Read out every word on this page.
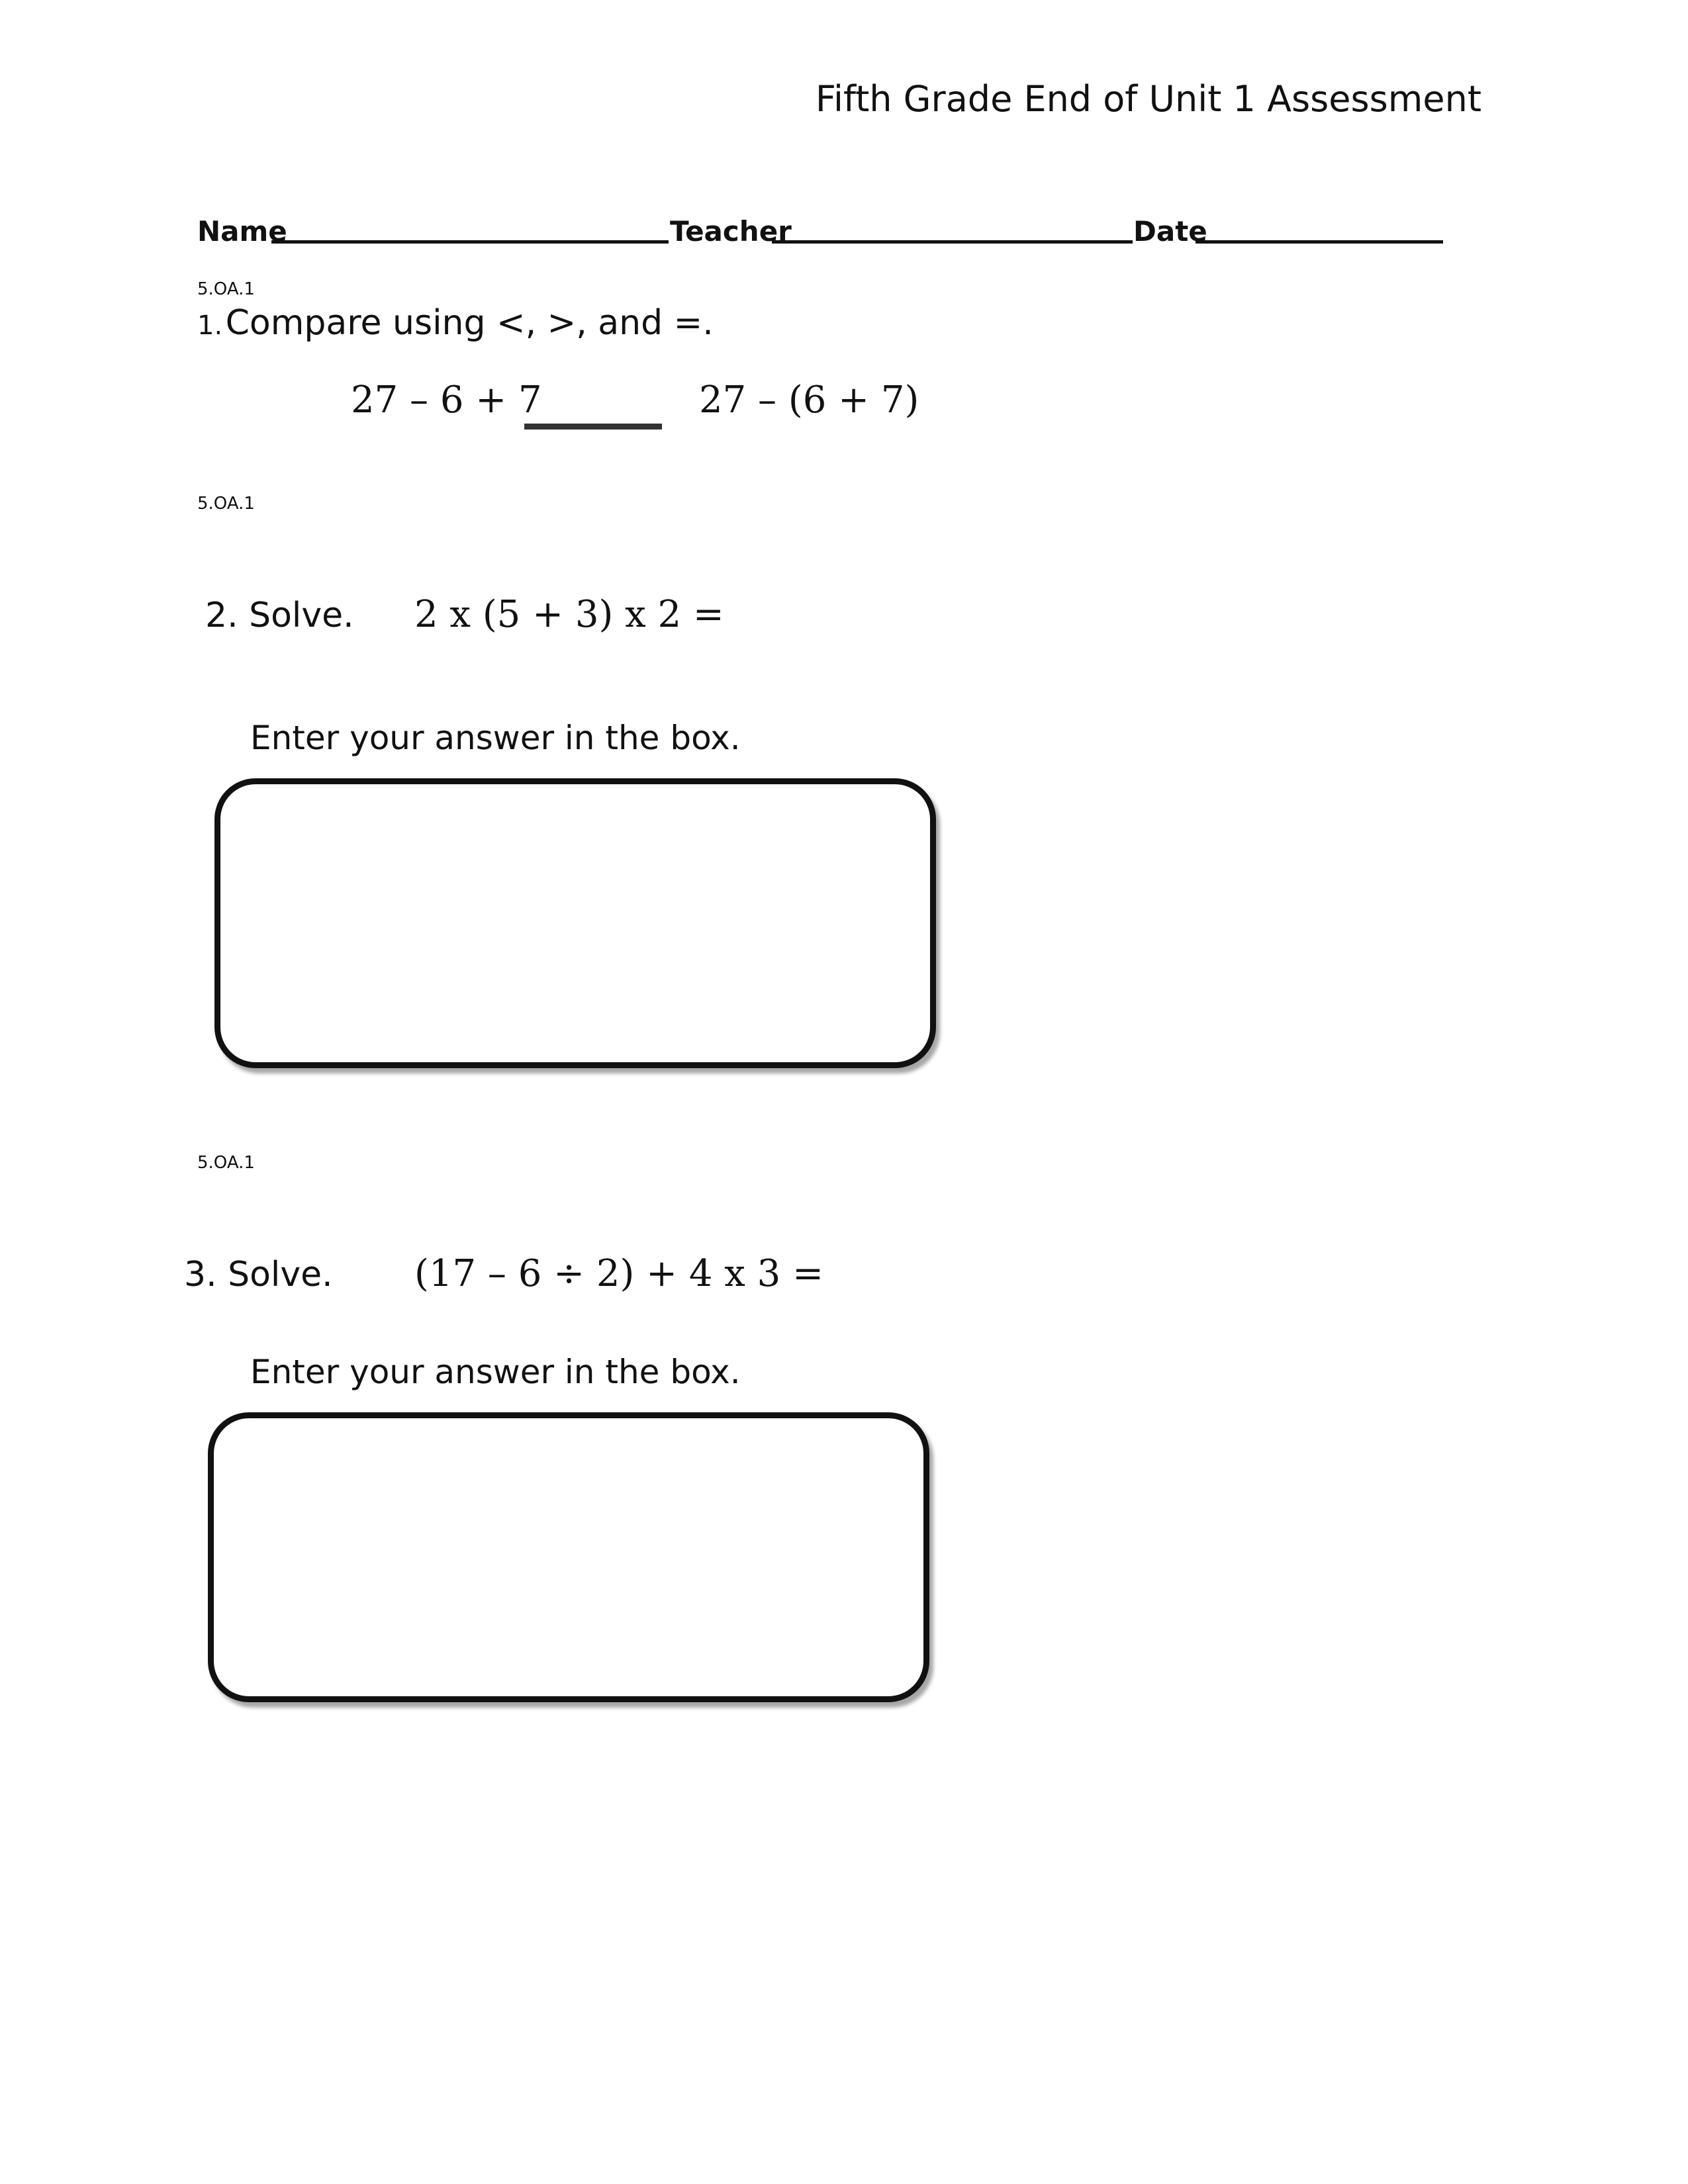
Fifth Grade End of Unit 1 Assessment
Name	Teacher	Date
5.OA.1
1. Compare using <, >, and =.
27 – 6 + 7	27 – (6 + 7)
5.OA.1
2. Solve. 2 x (5 + 3) x 2 =
Enter your answer in the box.
5.OA.1
3. Solve. (17 – 6 ÷ 2) + 4 x 3 =
Enter your answer in the box.
